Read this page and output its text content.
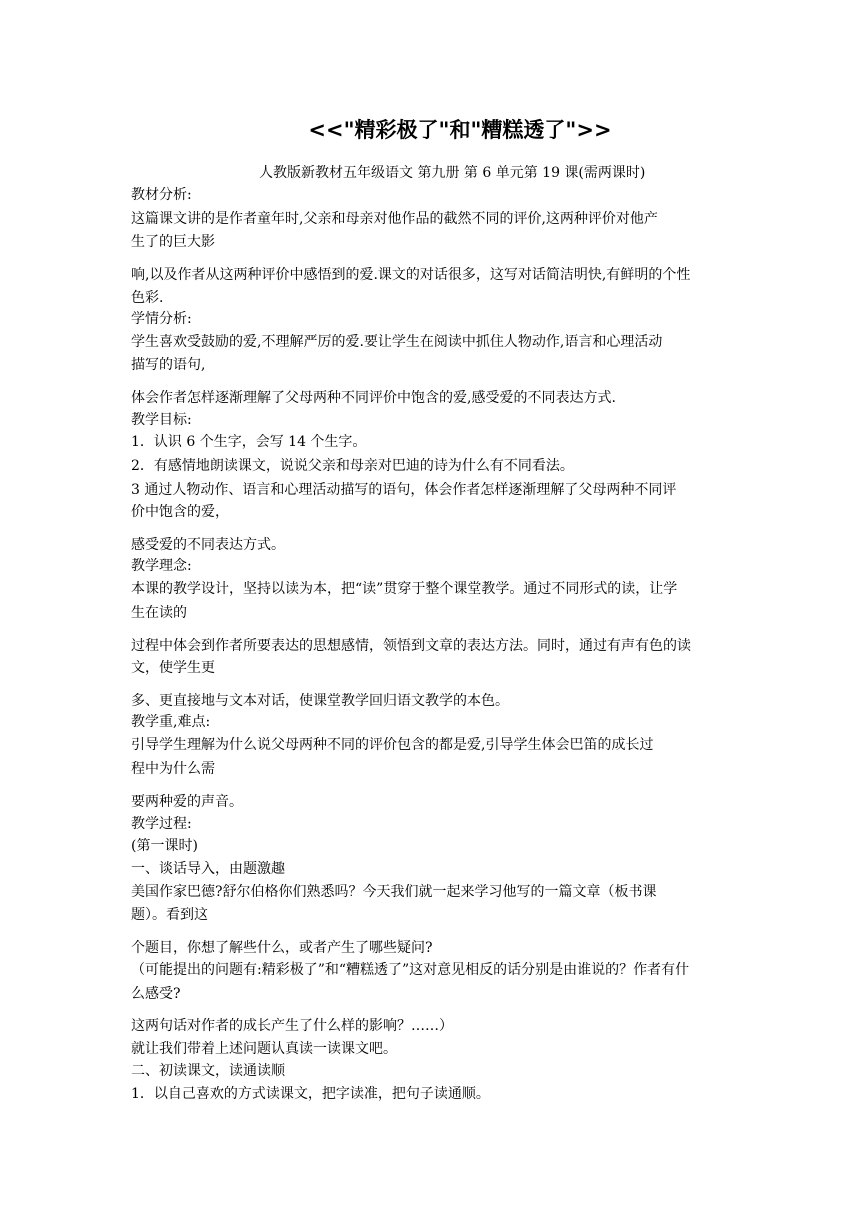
<<"精彩极了"和"糟糕透了">>
人教版新教材五年级语文 第九册 第 6 单元第 19 课(需两课时)
教材分析:
这篇课文讲的是作者童年时,父亲和母亲对他作品的截然不同的评价,这两种评价对他产
生了的巨大影
响,以及作者从这两种评价中感悟到的爱.课文的对话很多，这写对话简洁明快,有鲜明的个性
色彩.
学情分析:
学生喜欢受鼓励的爱,不理解严厉的爱.要让学生在阅读中抓住人物动作,语言和心理活动
描写的语句,
体会作者怎样逐渐理解了父母两种不同评价中饱含的爱,感受爱的不同表达方式.
教学目标:
1．认识 6 个生字，会写 14 个生字。
2．有感情地朗读课文，说说父亲和母亲对巴迪的诗为什么有不同看法。
3 通过人物动作、语言和心理活动描写的语句，体会作者怎样逐渐理解了父母两种不同评
价中饱含的爱，
感受爱的不同表达方式。
教学理念:
本课的教学设计，坚持以读为本，把“读”贯穿于整个课堂教学。通过不同形式的读，让学
生在读的
过程中体会到作者所要表达的思想感情，领悟到文章的表达方法。同时，通过有声有色的读
文，使学生更
多、更直接地与文本对话，使课堂教学回归语文教学的本色。
教学重,难点:
引导学生理解为什么说父母两种不同的评价包含的都是爱,引导学生体会巴笛的成长过
程中为什么需
要两种爱的声音。
教学过程:
(第一课时)
一、谈话导入，由题激趣
美国作家巴德?舒尔伯格你们熟悉吗？今天我们就一起来学习他写的一篇文章（板书课
题）。看到这
个题目，你想了解些什么，或者产生了哪些疑问?
（可能提出的问题有:精彩极了”和“糟糕透了”这对意见相反的话分别是由谁说的？作者有什
么感受?
这两句话对作者的成长产生了什么样的影响？……）
就让我们带着上述问题认真读一读课文吧。
二、初读课文，读通读顺
1．以自己喜欢的方式读课文，把字读准，把句子读通顺。
